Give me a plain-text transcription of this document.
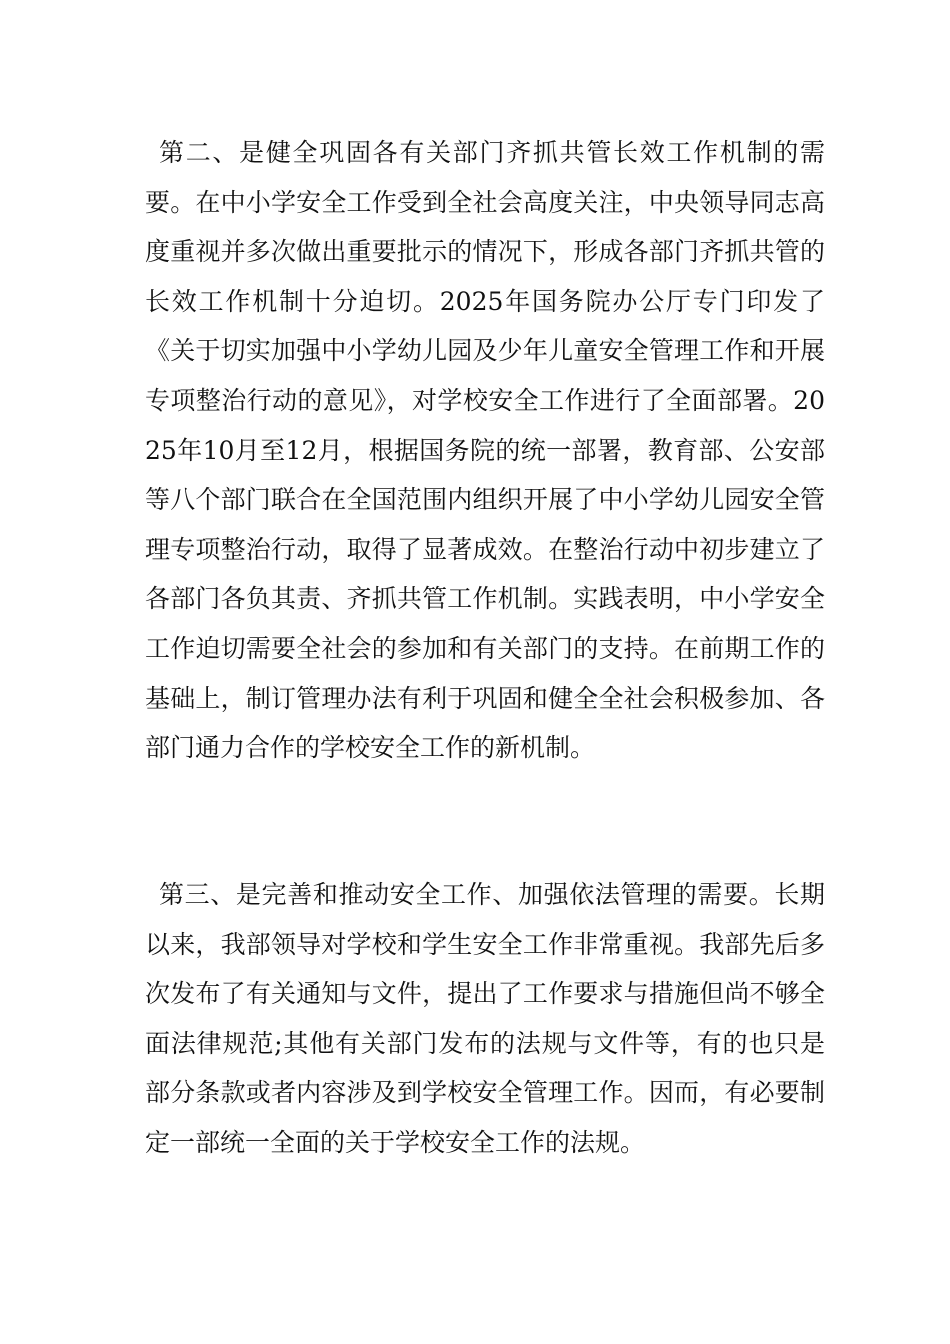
第二、是健全巩固各有关部门齐抓共管长效工作机制的需要。在中小学安全工作受到全社会高度关注，中央领导同志高度重视并多次做出重要批示的情况下，形成各部门齐抓共管的长效工作机制十分迫切。2025年国务院办公厅专门印发了《关于切实加强中小学幼儿园及少年儿童安全管理工作和开展专项整治行动的意见》，对学校安全工作进行了全面部署。2025年10月至12月，根据国务院的统一部署，教育部、公安部等八个部门联合在全国范围内组织开展了中小学幼儿园安全管理专项整治行动，取得了显著成效。在整治行动中初步建立了各部门各负其责、齐抓共管工作机制。实践表明，中小学安全工作迫切需要全社会的参加和有关部门的支持。在前期工作的基础上，制订管理办法有利于巩固和健全全社会积极参加、各部门通力合作的学校安全工作的新机制。

第三、是完善和推动安全工作、加强依法管理的需要。长期以来，我部领导对学校和学生安全工作非常重视。我部先后多次发布了有关通知与文件，提出了工作要求与措施但尚不够全面法律规范;其他有关部门发布的法规与文件等，有的也只是部分条款或者内容涉及到学校安全管理工作。因而，有必要制定一部统一全面的关于学校安全工作的法规。
